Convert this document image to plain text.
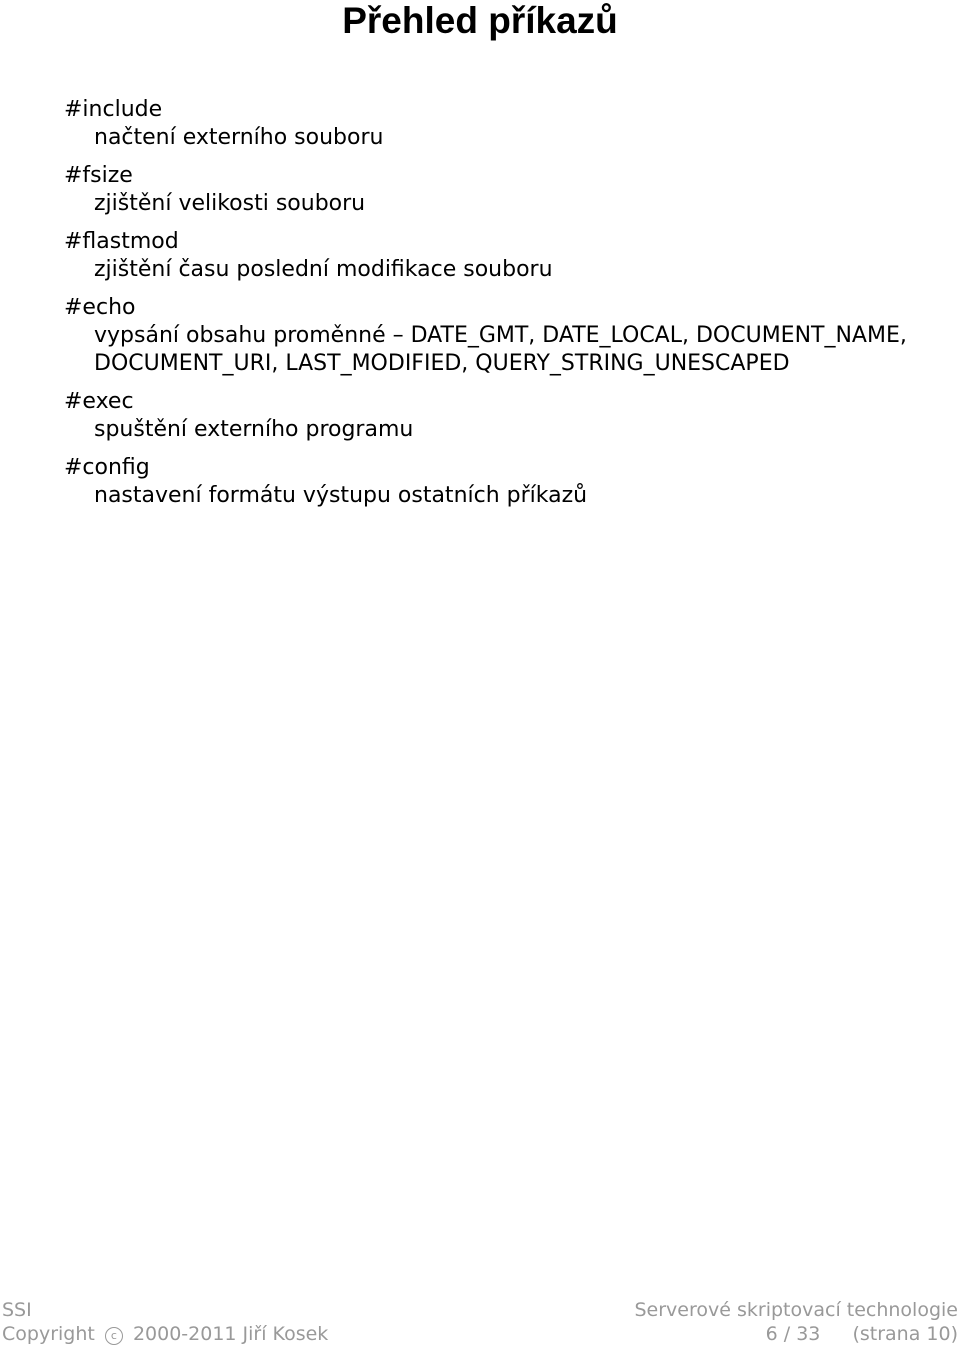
Přehled příkazů
#include
načtení externího souboru
#fsize
zjištění velikosti souboru
#flastmod
zjištění času poslední modifikace souboru
#echo
vypsání obsahu proměnné – DATE_GMT, DATE_LOCAL, DOCUMENT_NAME, DOCUMENT_URI, LAST_MODIFIED, QUERY_STRING_UNESCAPED
#exec
spuštění externího programu
#config
nastavení formátu výstupu ostatních příkazů
SSI	Serverové skriptovací technologie
Copyright c 2000-2011 Jiří Kosek	6 / 33 (strana 10)
